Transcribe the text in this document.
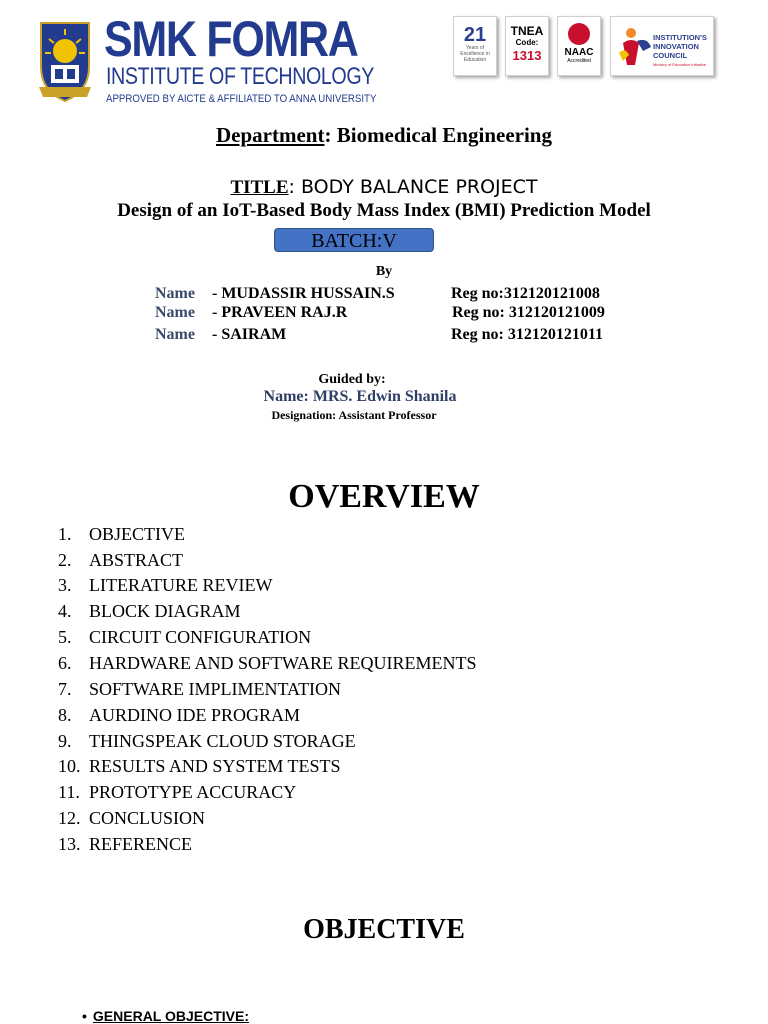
SMK FOMRA
INSTITUTE OF TECHNOLOGY
APPROVED BY AICTE & AFFILIATED TO ANNA UNIVERSITY
21
Years of Excellence in Education
TNEA
Code:
1313	NAAC
Accredited
INSTITUTION'S
INNOVATION
COUNCIL
Ministry of Education Initiative
Department: Biomedical Engineering
TITLE: BODY BALANCE PROJECT
Design of an IoT-Based Body Mass Index (BMI) Prediction Model
BATCH:V
By
Name - MUDASSIR HUSSAIN.S	Reg no:312120121008
Name - PRAVEEN RAJ.R	Reg no: 312120121009
Name - SAIRAM	Reg no: 312120121011
Guided by:
Name: MRS. Edwin Shanila
Designation: Assistant Professor
OVERVIEW
1. OBJECTIVE
2. ABSTRACT
3. LITERATURE REVIEW
4. BLOCK DIAGRAM
5. CIRCUIT CONFIGURATION
6. HARDWARE AND SOFTWARE REQUIREMENTS
7. SOFTWARE IMPLIMENTATION
8. AURDINO IDE PROGRAM
9. THINGSPEAK CLOUD STORAGE
10. RESULTS AND SYSTEM TESTS
11. PROTOTYPE ACCURACY
12. CONCLUSION
13. REFERENCE
OBJECTIVE
• GENERAL OBJECTIVE:
